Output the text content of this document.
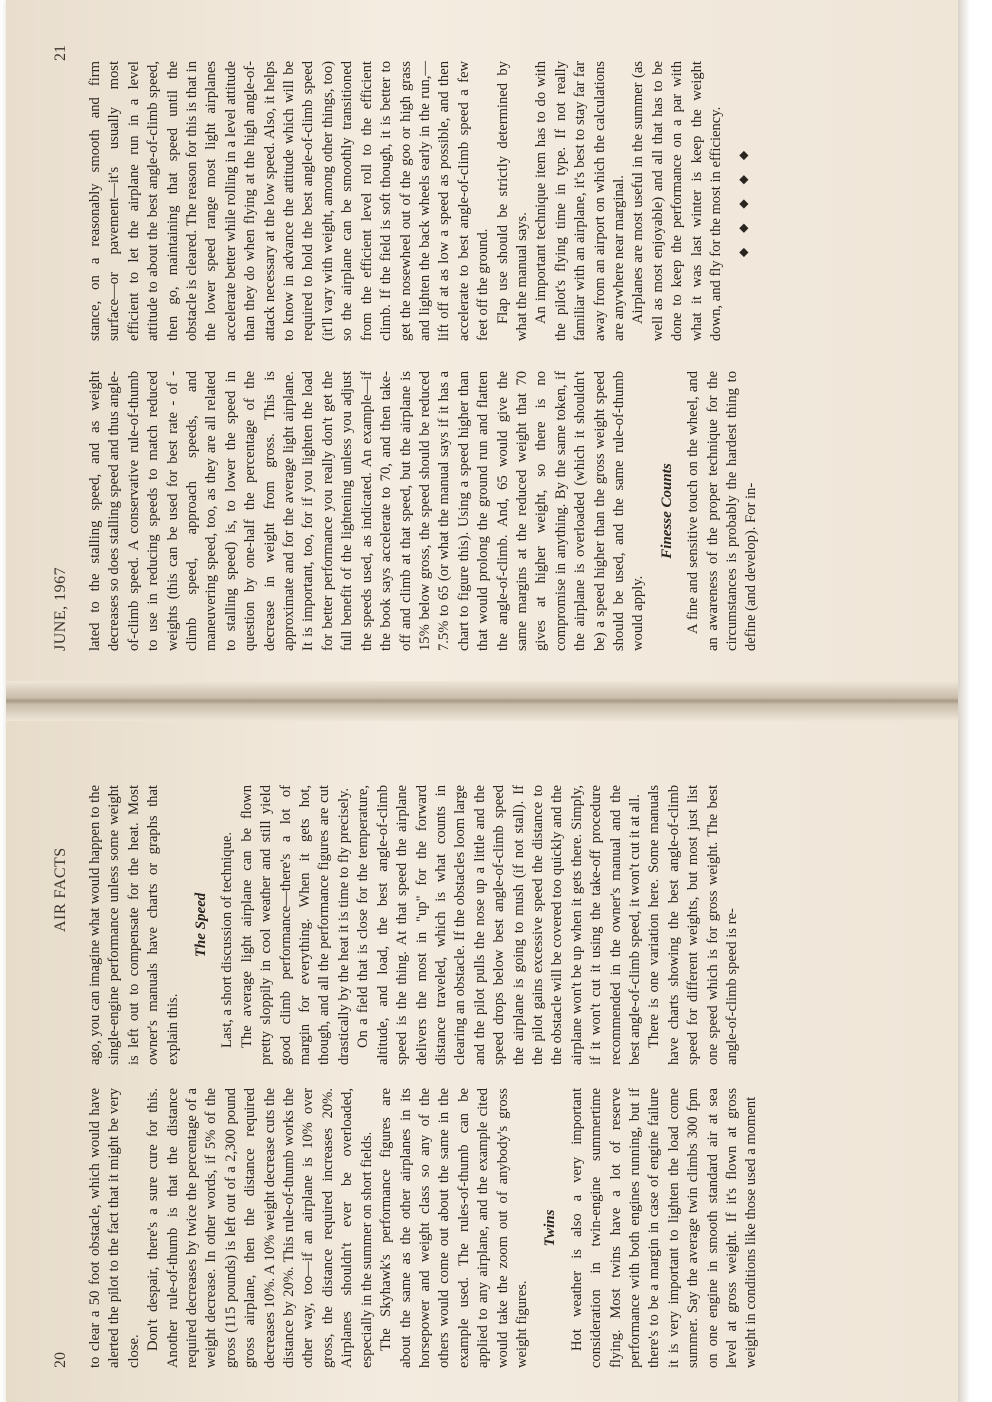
20
AIR FACTS

to clear a 50 foot obstacle, which would have alerted the pilot to the fact that it might be very close.

Don't despair, there's a sure cure for this. Another rule-of-thumb is that the distance required decreases by twice the percentage of a weight decrease. In other words, if 5% of the gross (115 pounds) is left out of a 2,300 pound gross airplane, then the distance required decreases 10%. A 10% weight decrease cuts the distance by 20%. This rule-of-thumb works the other way, too—if an airplane is 10% over gross, the distance required increases 20%. Airplanes shouldn't ever be overloaded, especially in the summer on short fields. The Skyhawk's performance figures are about the same as the other airplanes in its horsepower and weight class so any of the others would come out about the same in the example used. The rules-of-thumb can be applied to any airplane, and the example cited would take the zoom out of anybody's gross weight figures.

Twins Hot weather is also a very important consideration in twin-engine summertime flying. Most twins have a lot of reserve performance with both engines running, but if there's to be a margin in case of engine failure it is very important to lighten the load come summer. Say the average twin climbs 300 fpm on one engine in smooth standard air at sea level at gross weight. If it's flown at gross weight in conditions like those used a moment

ago, you can imagine what would happen to the single-engine performance unless some weight is left out to compensate for the heat. Most owner's manuals have charts or graphs that explain this.

The Speed Last, a short discussion of technique. The average light airplane can be flown pretty sloppily in cool weather and still yield good climb performance—there's a lot of margin for everything. When it gets hot, though, and all the performance figures are cut drastically by the heat it is time to fly precisely. On a field that is close for the temperature, altitude, and load, the best angle-of-climb speed is the thing. At that speed the airplane delivers the most in "up" for the forward distance traveled, which is what counts in clearing an obstacle. If the obstacles loom large and the pilot pulls the nose up a little and the speed drops below best angle-of-climb speed the airplane is going to mush (if not stall). If the pilot gains excessive speed the distance to the obstacle will be covered too quickly and the airplane won't be up when it gets there. Simply, if it won't cut it using the take-off procedure recommended in the owner's manual and the best angle-of-climb speed, it won't cut it at all. There is one variation here. Some manuals have charts showing the best angle-of-climb speed for different weights, but most just list one speed which is for gross weight. The best angle-of-climb speed is re-

JUNE, 1967
21

lated to the stalling speed, and as weight decreases so does stalling speed and thus angle-of-climb speed. A conservative rule-of-thumb to use in reducing speeds to match reduced weights (this can be used for best rate - of - climb speed, approach speeds, and maneuvering speed, too, as they are all related to stalling speed) is, to lower the speed in question by one-half the percentage of the decrease in weight from gross. This is approximate and for the average light airplane. It is important, too, for if you lighten the load for better performance you really don't get the full benefit of the lightening unless you adjust the speeds used, as indicated. An example—if the book says accelerate to 70, and then take-off and climb at that speed, but the airplane is 15% below gross, the speed should be reduced 7.5% to 65 (or what the manual says if it has a chart to figure this). Using a speed higher than that would prolong the ground run and flatten the angle-of-climb. And, 65 would give the same margins at the reduced weight that 70 gives at higher weight, so there is no compromise in anything. By the same token, if the airplane is overloaded (which it shouldn't be) a speed higher than the gross weight speed should be used, and the same rule-of-thumb would apply.

Finesse Counts A fine and sensitive touch on the wheel, and an awareness of the proper technique for the circumstances is probably the hardest thing to define (and develop). For in-

stance, on a reasonably smooth and firm surface—or pavement—it's usually most efficient to let the airplane run in a level attitude to about the best angle-of-climb speed, then go, maintaining that speed until the obstacle is cleared. The reason for this is that in the lower speed range most light airplanes accelerate better while rolling in a level attitude than they do when flying at the high angle-of-attack necessary at the low speed. Also, it helps to know in advance the attitude which will be required to hold the best angle-of-climb speed (it'll vary with weight, among other things, too) so the airplane can be smoothly transitioned from the efficient level roll to the efficient climb. If the field is soft though, it is better to get the nosewheel out of the goo or high grass and lighten the back wheels early in the run,—lift off at as low a speed as possible, and then accelerate to best angle-of-climb speed a few feet off the ground. Flap use should be strictly determined by what the manual says. An important technique item has to do with the pilot's flying time in type. If not really familiar with an airplane, it's best to stay far far away from an airport on which the calculations are anywhere near marginal. Airplanes are most useful in the summer (as well as most enjoyable) and all that has to be done to keep the performance on a par with what it was last winter is keep the weight down, and fly for the most in efficiency. ◆ ◆ ◆ ◆ ◆
